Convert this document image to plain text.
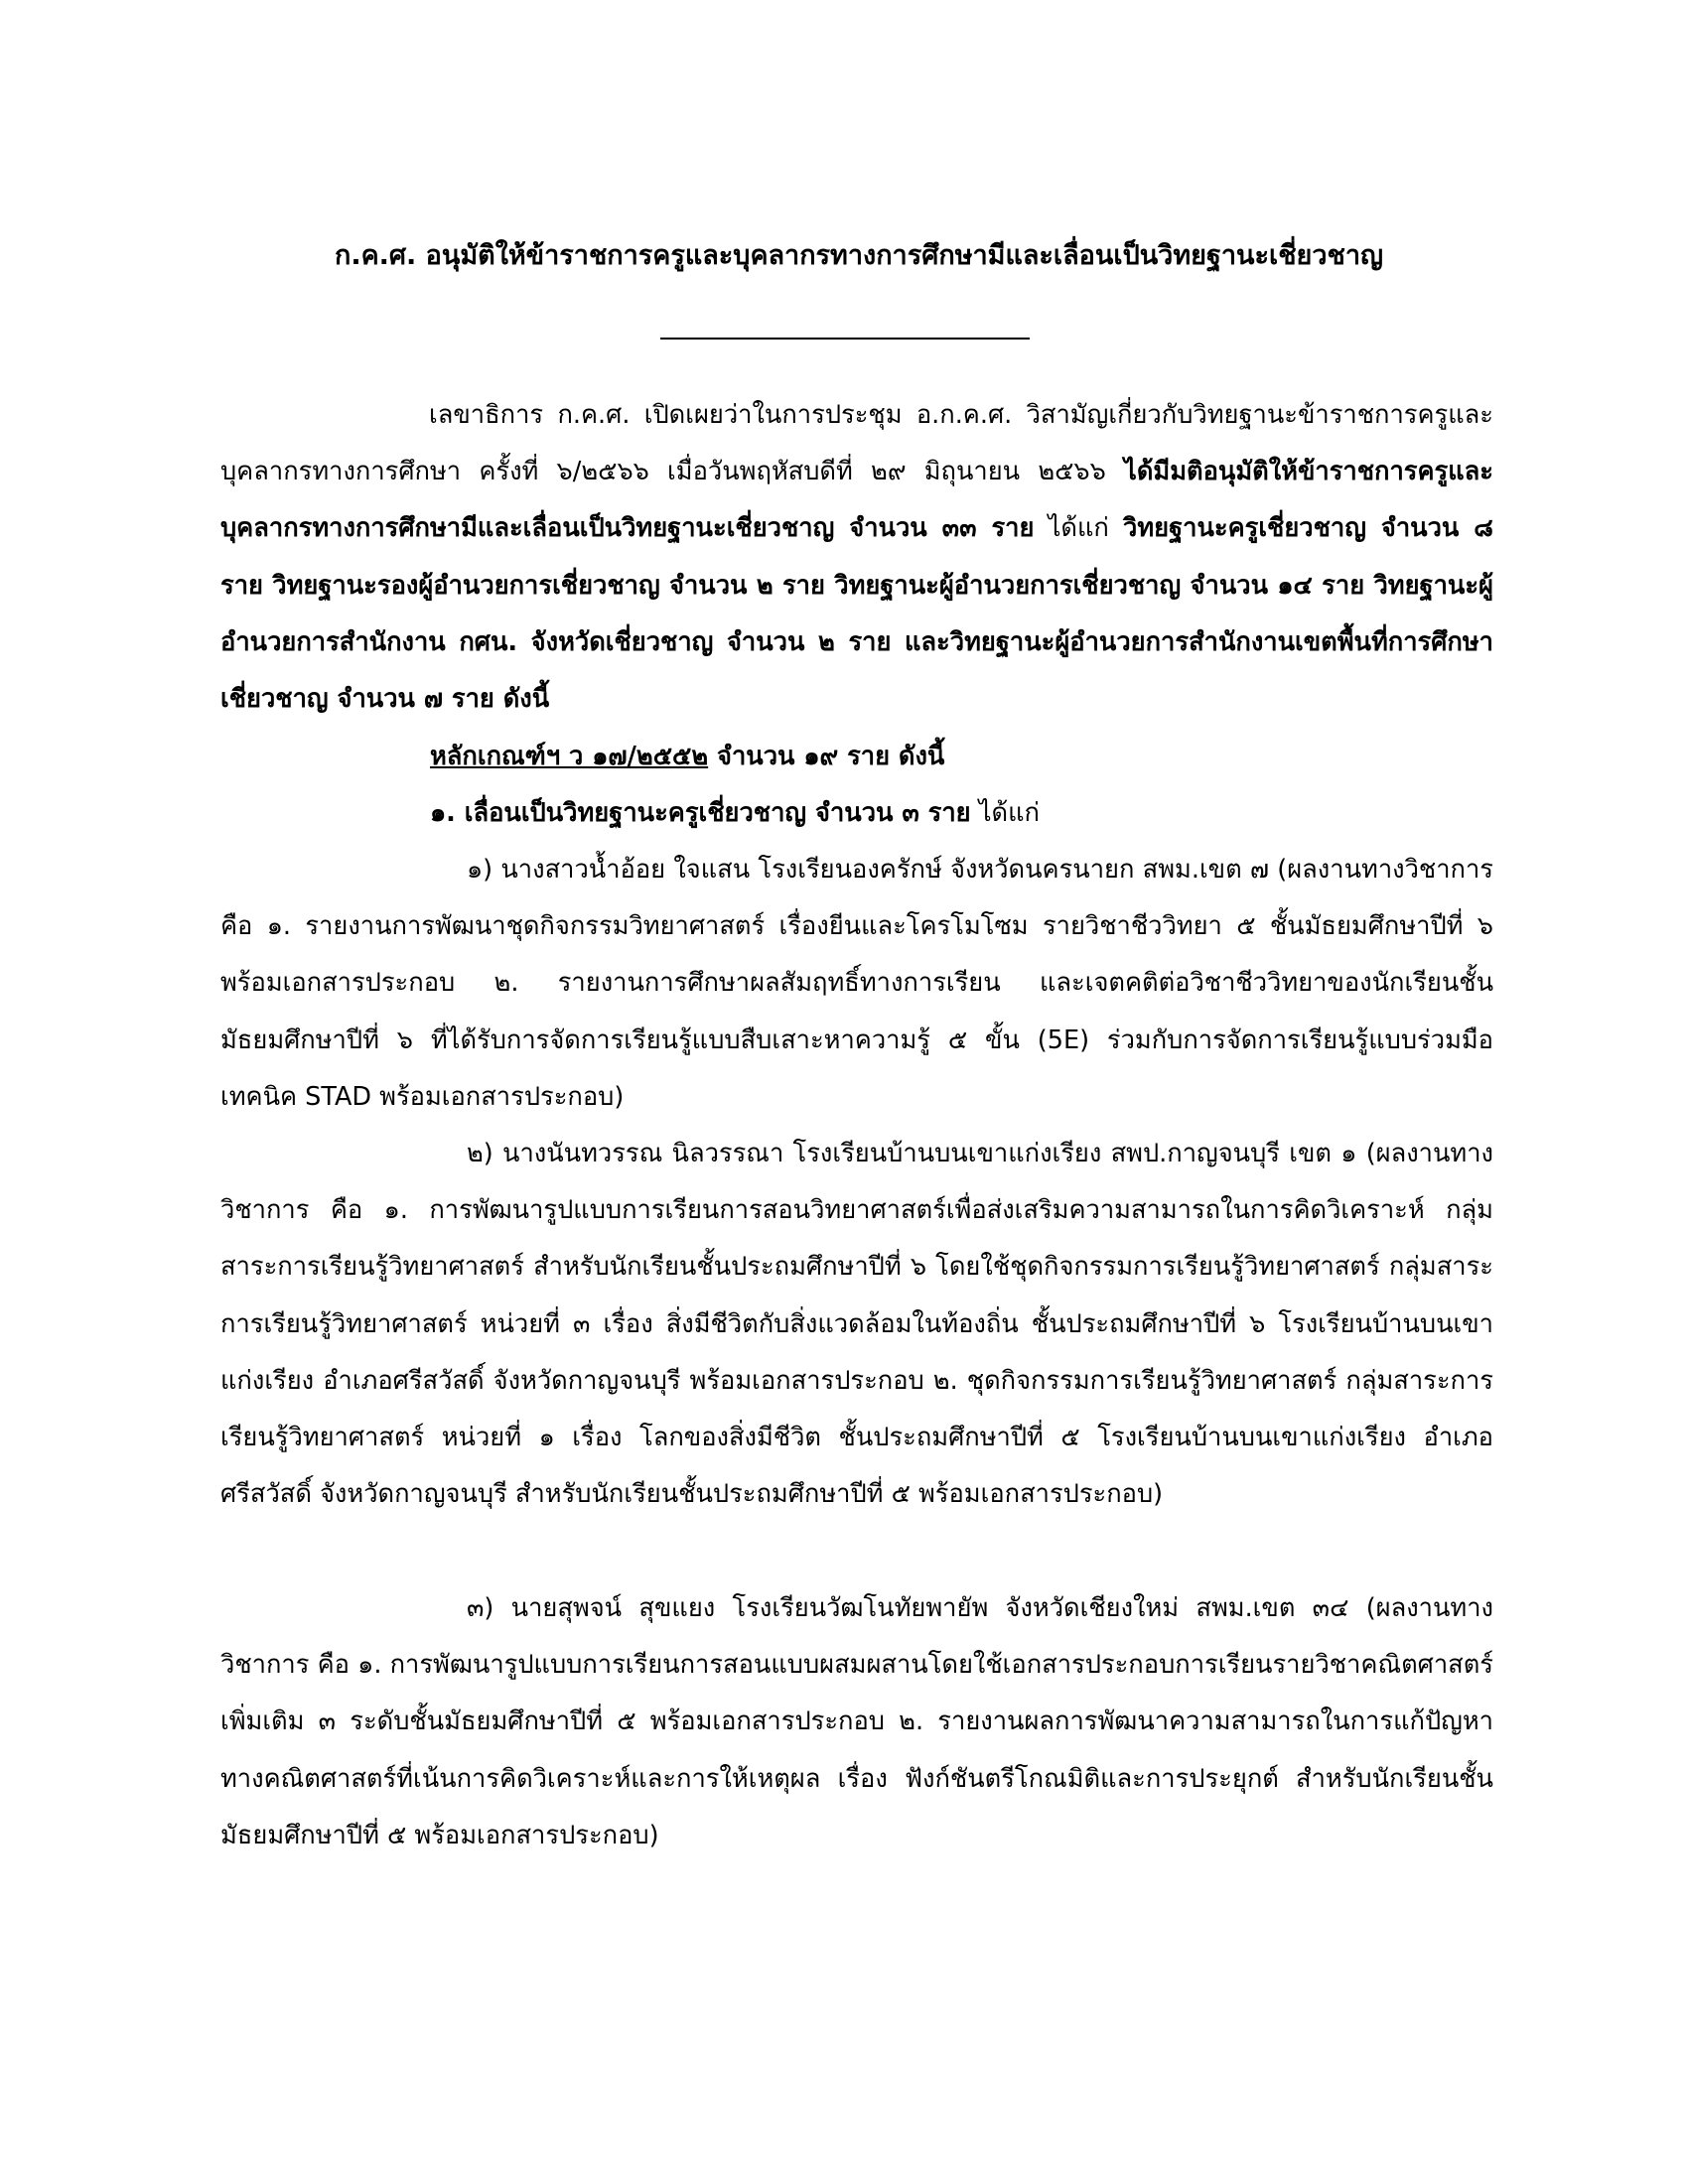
ก.ค.ศ. อนุมัติให้ข้าราชการครูและบุคลากรทางการศึกษามีและเลื่อนเป็นวิทยฐานะเชี่ยวชาญ
เลขาธิการ ก.ค.ศ. เปิดเผยว่าในการประชุม อ.ก.ค.ศ. วิสามัญเกี่ยวกับวิทยฐานะข้าราชการครูและบุคลากรทางการศึกษา ครั้งที่ ๖/๒๕๖๖ เมื่อวันพฤหัสบดีที่ ๒๙ มิถุนายน ๒๕๖๖ ได้มีมติอนุมัติให้ข้าราชการครูและบุคลากรทางการศึกษามีและเลื่อนเป็นวิทยฐานะเชี่ยวชาญ จำนวน ๓๓ ราย ได้แก่ วิทยฐานะครูเชี่ยวชาญ จำนวน ๘ ราย วิทยฐานะรองผู้อำนวยการเชี่ยวชาญ จำนวน ๒ ราย วิทยฐานะผู้อำนวยการเชี่ยวชาญ จำนวน ๑๔ ราย วิทยฐานะผู้อำนวยการสำนักงาน กศน. จังหวัดเชี่ยวชาญ จำนวน ๒ ราย และวิทยฐานะผู้อำนวยการสำนักงานเขตพื้นที่การศึกษาเชี่ยวชาญ จำนวน ๗ ราย ดังนี้
หลักเกณฑ์ฯ ว ๑๗/๒๕๕๒ จำนวน ๑๙ ราย ดังนี้
๑. เลื่อนเป็นวิทยฐานะครูเชี่ยวชาญ จำนวน ๓ ราย ได้แก่
๑) นางสาวน้ำอ้อย ใจแสน โรงเรียนองครักษ์ จังหวัดนครนายก สพม.เขต ๗ (ผลงานทางวิชาการ คือ ๑. รายงานการพัฒนาชุดกิจกรรมวิทยาศาสตร์ เรื่องยีนและโครโมโซม รายวิชาชีววิทยา ๕ ชั้นมัธยมศึกษาปีที่ ๖ พร้อมเอกสารประกอบ ๒. รายงานการศึกษาผลสัมฤทธิ์ทางการเรียน และเจตคติต่อวิชาชีววิทยาของนักเรียนชั้นมัธยมศึกษาปีที่ ๖ ที่ได้รับการจัดการเรียนรู้แบบสืบเสาะหาความรู้ ๕ ขั้น (5E) ร่วมกับการจัดการเรียนรู้แบบร่วมมือเทคนิค STAD พร้อมเอกสารประกอบ)
๒) นางนันทวรรณ นิลวรรณา โรงเรียนบ้านบนเขาแก่งเรียง สพป.กาญจนบุรี เขต ๑ (ผลงานทางวิชาการ คือ ๑. การพัฒนารูปแบบการเรียนการสอนวิทยาศาสตร์เพื่อส่งเสริมความสามารถในการคิดวิเคราะห์ กลุ่มสาระการเรียนรู้วิทยาศาสตร์ สำหรับนักเรียนชั้นประถมศึกษาปีที่ ๖ โดยใช้ชุดกิจกรรมการเรียนรู้วิทยาศาสตร์ กลุ่มสาระการเรียนรู้วิทยาศาสตร์ หน่วยที่ ๓ เรื่อง สิ่งมีชีวิตกับสิ่งแวดล้อมในท้องถิ่น ชั้นประถมศึกษาปีที่ ๖ โรงเรียนบ้านบนเขาแก่งเรียง อำเภอศรีสวัสดิ์ จังหวัดกาญจนบุรี พร้อมเอกสารประกอบ ๒. ชุดกิจกรรมการเรียนรู้วิทยาศาสตร์ กลุ่มสาระการเรียนรู้วิทยาศาสตร์ หน่วยที่ ๑ เรื่อง โลกของสิ่งมีชีวิต ชั้นประถมศึกษาปีที่ ๕ โรงเรียนบ้านบนเขาแก่งเรียง อำเภอศรีสวัสดิ์ จังหวัดกาญจนบุรี สำหรับนักเรียนชั้นประถมศึกษาปีที่ ๕ พร้อมเอกสารประกอบ)
๓) นายสุพจน์ สุขแยง โรงเรียนวัฒโนทัยพายัพ จังหวัดเชียงใหม่ สพม.เขต ๓๔ (ผลงานทางวิชาการ คือ ๑. การพัฒนารูปแบบการเรียนการสอนแบบผสมผสานโดยใช้เอกสารประกอบการเรียนรายวิชาคณิตศาสตร์เพิ่มเติม ๓ ระดับชั้นมัธยมศึกษาปีที่ ๕ พร้อมเอกสารประกอบ ๒. รายงานผลการพัฒนาความสามารถในการแก้ปัญหาทางคณิตศาสตร์ที่เน้นการคิดวิเคราะห์และการให้เหตุผล เรื่อง ฟังก์ชันตรีโกณมิติและการประยุกต์ สำหรับนักเรียนชั้นมัธยมศึกษาปีที่ ๕ พร้อมเอกสารประกอบ)
